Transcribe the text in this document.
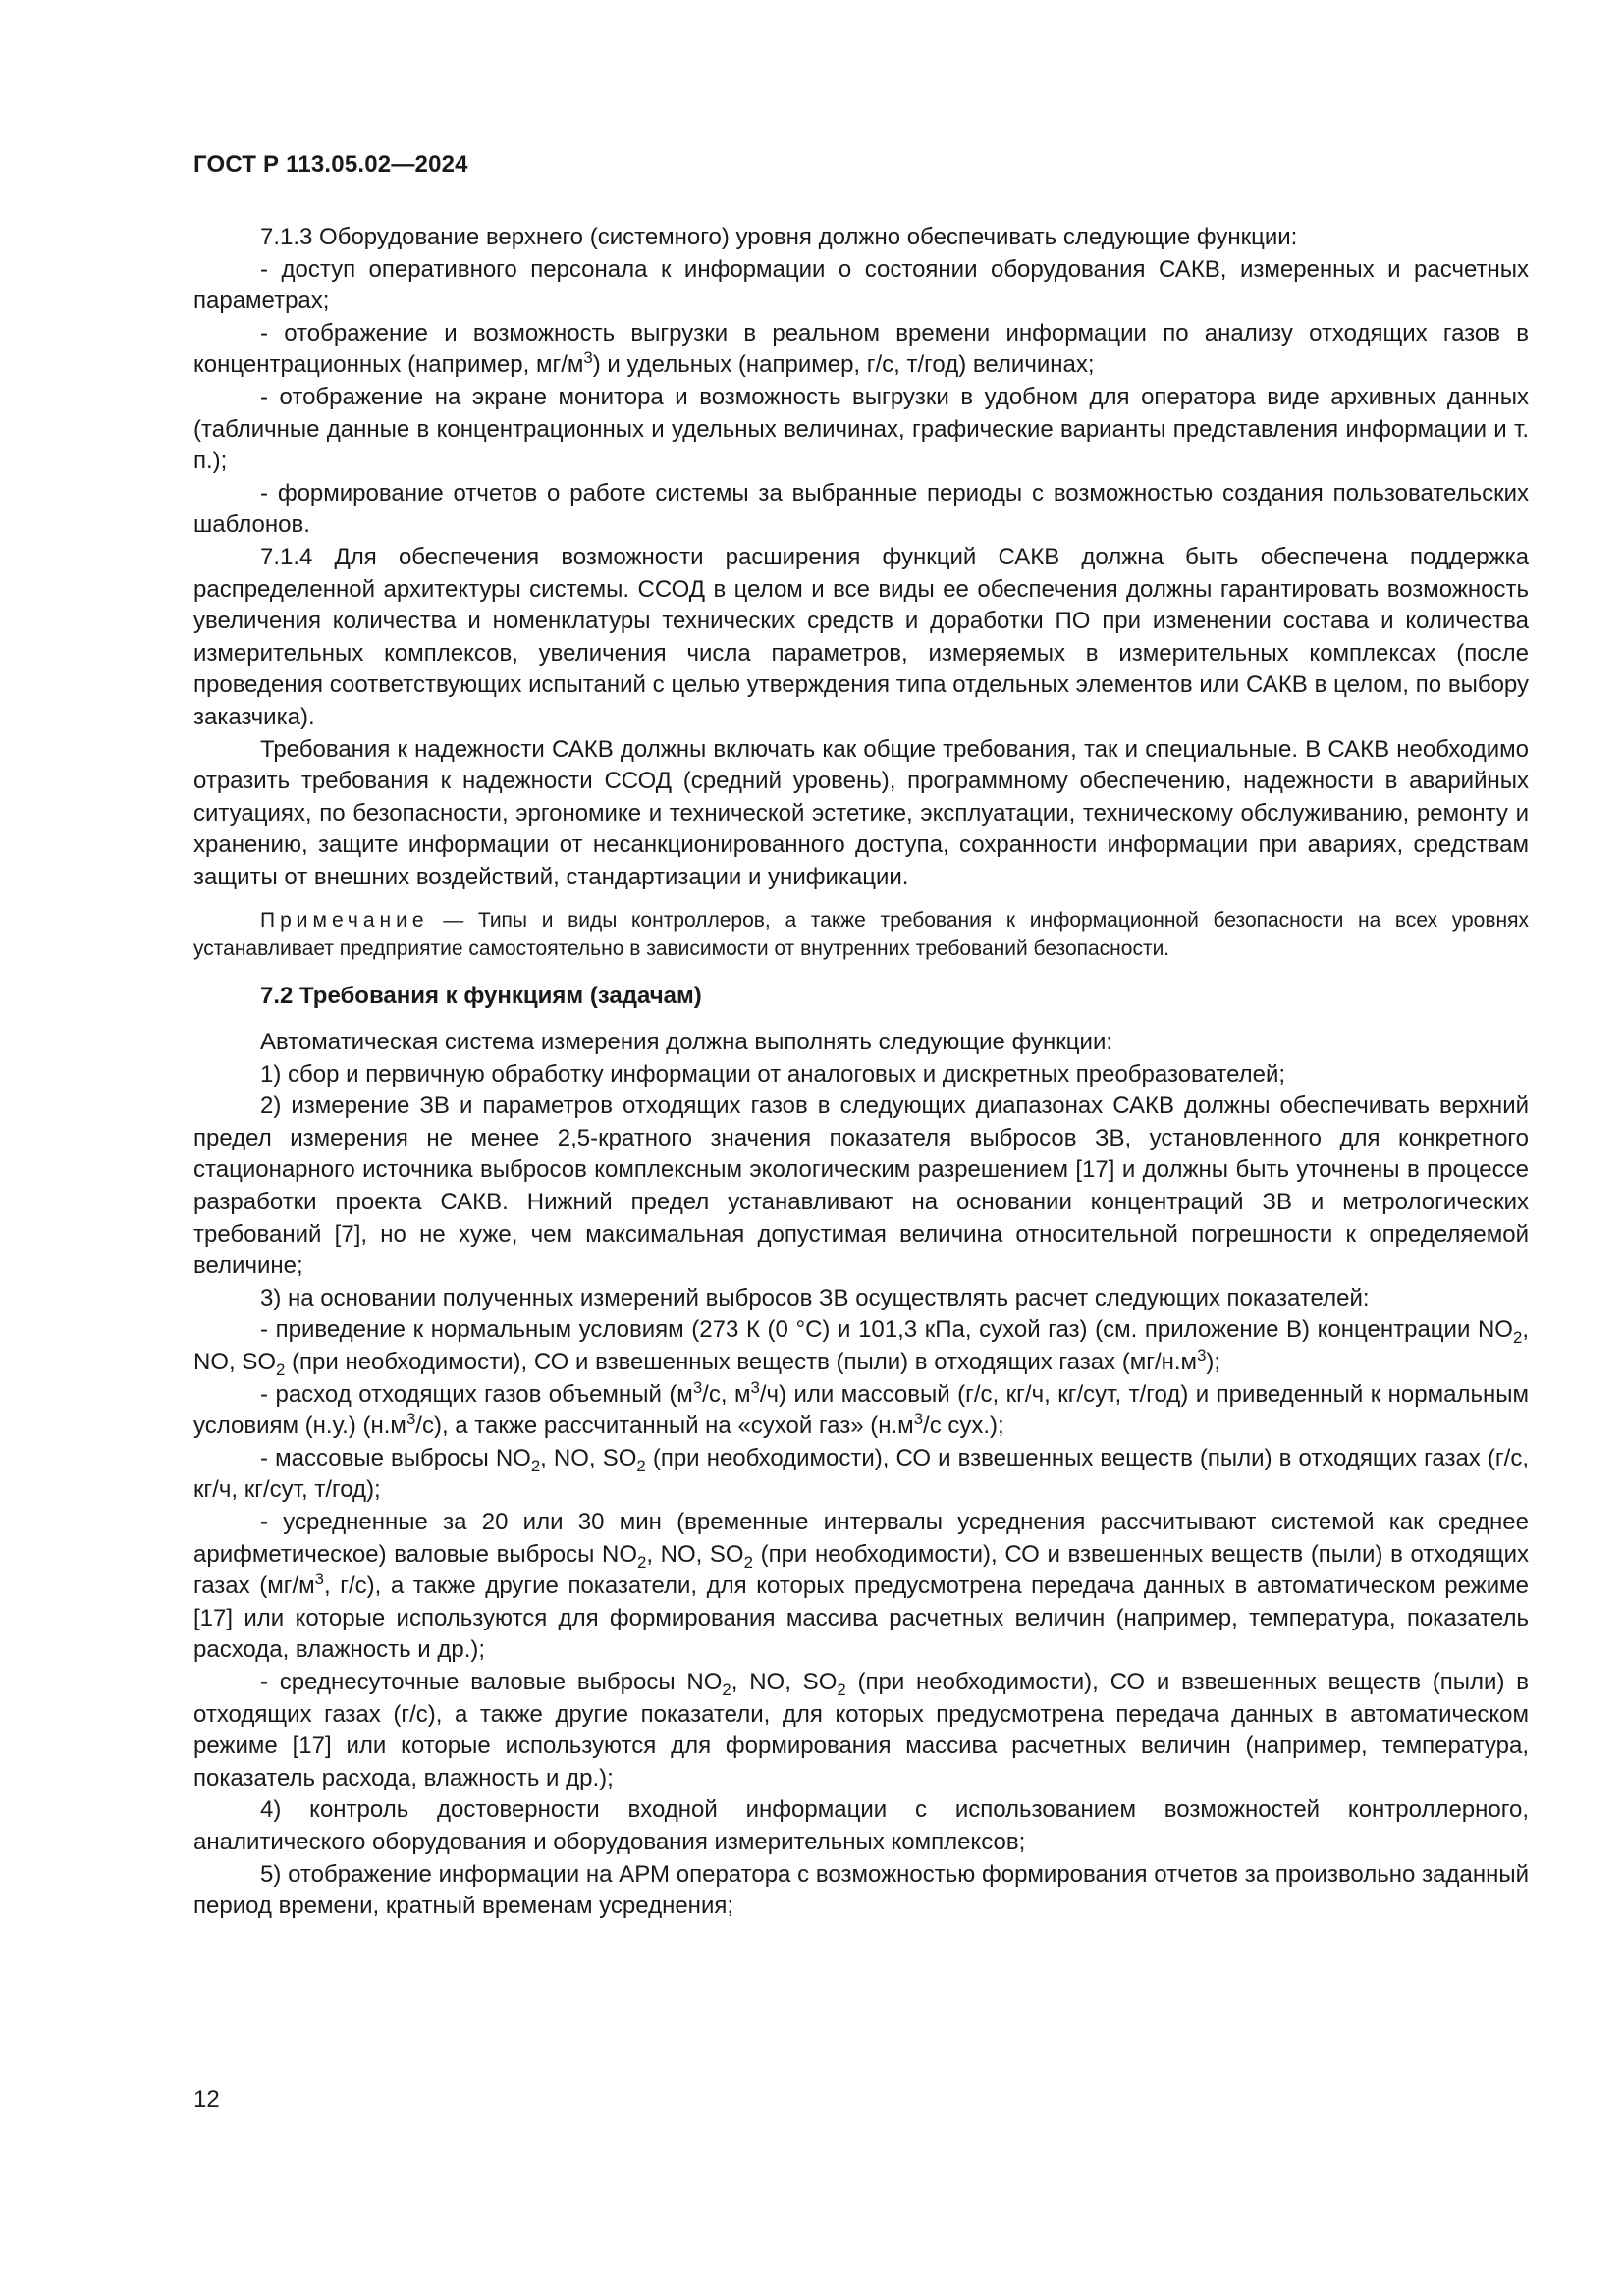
ГОСТ Р 113.05.02—2024

7.1.3 Оборудование верхнего (системного) уровня должно обеспечивать следующие функции:

- доступ оперативного персонала к информации о состоянии оборудования САКВ, измеренных и расчетных параметрах;

- отображение и возможность выгрузки в реальном времени информации по анализу отходящих газов в концентрационных (например, $мг/м^3$) и удельных (например, г/с, т/год) величинах;

- отображение на экране монитора и возможность выгрузки в удобном для оператора виде архивных данных (табличные данные в концентрационных и удельных величинах, графические варианты представления информации и т. п.);

- формирование отчетов о работе системы за выбранные периоды с возможностью создания пользовательских шаблонов.

7.1.4 Для обеспечения возможности расширения функций САКВ должна быть обеспечена поддержка распределенной архитектуры системы. ССОД в целом и все виды ее обеспечения должны гарантировать возможность увеличения количества и номенклатуры технических средств и доработки ПО при изменении состава и количества измерительных комплексов, увеличения числа параметров, измеряемых в измерительных комплексах (после проведения соответствующих испытаний с целью утверждения типа отдельных элементов или САКВ в целом, по выбору заказчика).

Требования к надежности САКВ должны включать как общие требования, так и специальные. В САКВ необходимо отразить требования к надежности ССОД (средний уровень), программному обеспечению, надежности в аварийных ситуациях, по безопасности, эргономике и технической эстетике, эксплуатации, техническому обслуживанию, ремонту и хранению, защите информации от несанкционированного доступа, сохранности информации при авариях, средствам защиты от внешних воздействий, стандартизации и унификации.

Примечание — Типы и виды контроллеров, а также требования к информационной безопасности на всех уровнях устанавливает предприятие самостоятельно в зависимости от внутренних требований безопасности.

7.2 Требования к функциям (задачам)

Автоматическая система измерения должна выполнять следующие функции:

1) сбор и первичную обработку информации от аналоговых и дискретных преобразователей;

2) измерение ЗВ и параметров отходящих газов в следующих диапазонах САКВ должны обеспечивать верхний предел измерения не менее 2,5-кратного значения показателя выбросов ЗВ, установленного для конкретного стационарного источника выбросов комплексным экологическим разрешением [17] и должны быть уточнены в процессе разработки проекта САКВ. Нижний предел устанавливают на основании концентраций ЗВ и метрологических требований [7], но не хуже, чем максимальная допустимая величина относительной погрешности к определяемой величине;

3) на основании полученных измерений выбросов ЗВ осуществлять расчет следующих показателей:

- приведение к нормальным условиям (273 К (0 °С) и 101,3 кПа, сухой газ) (см. приложение В) концентрации $NO_2$, NO, $SO_2$ (при необходимости), СО и взвешенных веществ (пыли) в отходящих газах $(мг/н.м^3)$;

- расход отходящих газов объемный ($м^3/с$, $м^3/ч$) или массовый (г/с, кг/ч, кг/сут, т/год) и приведенный к нормальным условиям (н.у.) $(н.м^3/с)$, а также рассчитанный на «сухой газ» ($н.м^3/с$ сух.);

- массовые выбросы $NO_2$, NO, $SO_2$ (при необходимости), СО и взвешенных веществ (пыли) в отходящих газах (г/с, кг/ч, кг/сут, т/год);

- усредненные за 20 или 30 мин (временные интервалы усреднения рассчитывают системой как среднее арифметическое) валовые выбросы $NO_2$, NO, $SO_2$ (при необходимости), СО и взвешенных веществ (пыли) в отходящих газах ($мг/м^3$, г/с), а также другие показатели, для которых предусмотрена передача данных в автоматическом режиме [17] или которые используются для формирования массива расчетных величин (например, температура, показатель расхода, влажность и др.);

- среднесуточные валовые выбросы $NO_2$, NO, $SO_2$ (при необходимости), СО и взвешенных веществ (пыли) в отходящих газах (г/с), а также другие показатели, для которых предусмотрена передача данных в автоматическом режиме [17] или которые используются для формирования массива расчетных величин (например, температура, показатель расхода, влажность и др.);

4) контроль достоверности входной информации с использованием возможностей контроллерного, аналитического оборудования и оборудования измерительных комплексов;

5) отображение информации на АРМ оператора с возможностью формирования отчетов за произвольно заданный период времени, кратный временам усреднения;

12
